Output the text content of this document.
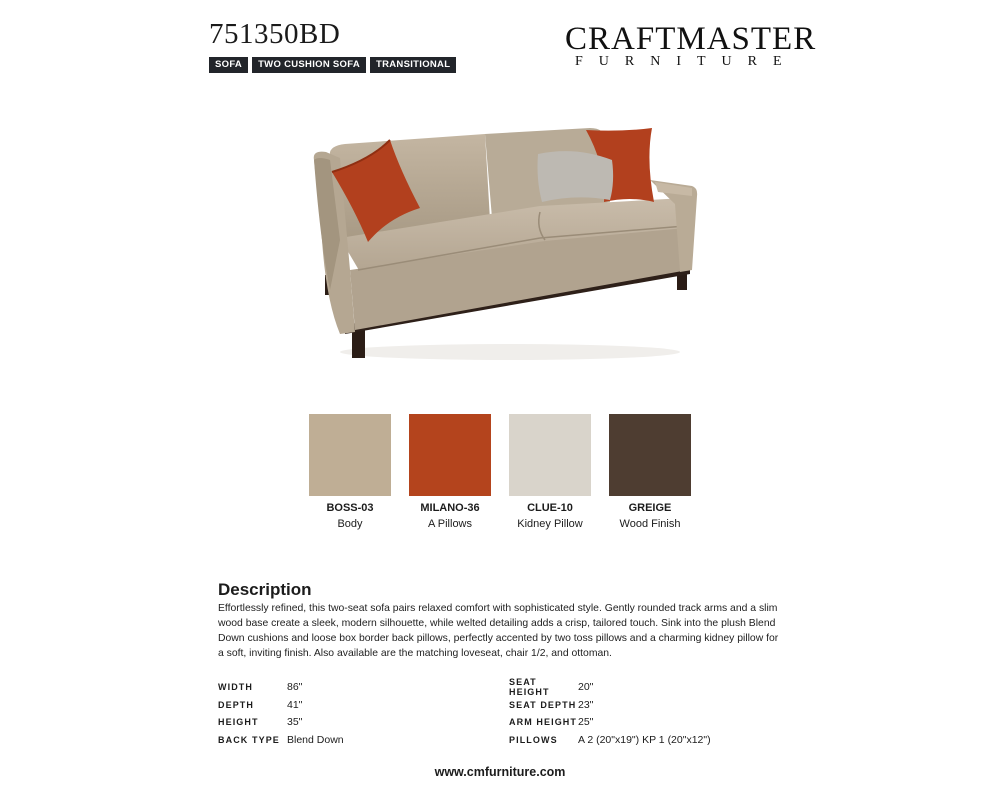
751350BD
SOFA	TWO CUSHION SOFA	TRANSITIONAL
CRAFTMASTER
FURNITURE
BOSS-03
Body
MILANO-36
A Pillows
CLUE-10
Kidney Pillow
GREIGE
Wood Finish
Description

Effortlessly refined, this two-seat sofa pairs relaxed comfort with sophisticated style. Gently rounded track arms and a slim wood base create a sleek, modern silhouette, while welted detailing adds a crisp, tailored touch. Sink into the plush Blend Down cushions and loose box border back pillows, perfectly accented by two toss pillows and a charming kidney pillow for a soft, inviting finish. Also available are the matching loveseat, chair 1/2, and ottoman.

WIDTH	86"
DEPTH	41"
HEIGHT	35"
BACK TYPE Blend Down
SEAT HEIGHT	20"
SEAT DEPTH 23"
ARM HEIGHT 25"
PILLOWS	A 2 (20"x19") KP 1 (20"x12")
www.cmfurniture.com
